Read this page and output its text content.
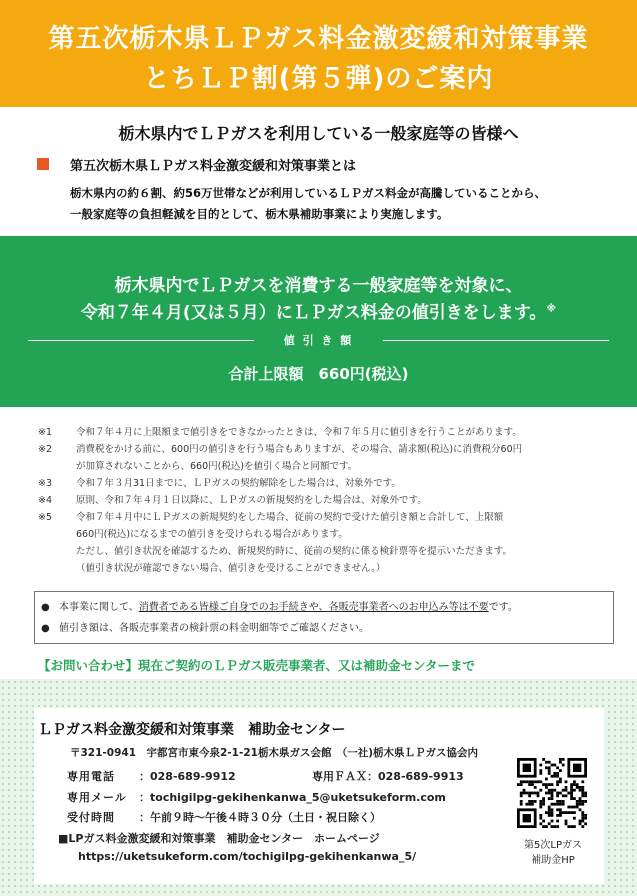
第五次栃木県ＬＰガス料金激変緩和対策事業
とちＬＰ割(第５弾)のご案内
栃木県内でＬＰガスを利用している一般家庭等の皆様へ
第五次栃木県ＬＰガス料金激変緩和対策事業とは
栃木県内の約６割、約56万世帯などが利用しているＬＰガス料金が高騰していることから、
一般家庭等の負担軽減を目的として、栃木県補助事業により実施します。
栃木県内でＬＰガスを消費する一般家庭等を対象に、
令和７年４月(又は５月）にＬＰガス料金の値引きをします。※
値 引 き 額
合計上限額　660円(税込)
※1	令和７年４月に上限額まで値引きをできなかったときは、令和７年５月に値引きを行うことがあります。
※2	消費税をかける前に、600円の値引きを行う場合もありますが、その場合、請求額(税込)に消費税分60円
が加算されないことから、660円(税込)を値引く場合と同額です。
※3	令和７年３月31日までに、ＬＰガスの契約解除をした場合は、対象外です。
※4	原則、令和７年４月１日以降に、ＬＰガスの新規契約をした場合は、対象外です。
※5	令和７年４月中にＬＰガスの新規契約をした場合、従前の契約で受けた値引き額と合計して、上限額
660円(税込)になるまでの値引きを受けられる場合があります。
ただし、値引き状況を確認するため、新規契約時に、従前の契約に係る検針票等を提示いただきます。
（値引き状況が確認できない場合、値引きを受けることができません。）
● 本事業に関して、消費者である皆様ご自身でのお手続きや、各販売事業者へのお申込み等は不要です。
● 値引き額は、各販売事業者の検針票の料金明細等でご確認ください。
【お問い合わせ】現在ご契約のＬＰガス販売事業者、又は補助金センターまで
ＬＰガス料金激変緩和対策事業　補助金センター
〒321-0941　宇都宮市東今泉2-1-21栃木県ガス会館　（一社)栃木県ＬＰガス協会内
専用電話 ：028-689-9912	専用ＦＡＸ：028-689-9913
専用メール ：tochigilpg-gekihenkanwa_5@uketsukeform.com
受付時間 ：午前９時～午後４時３０分（土日・祝日除く）
■LPガス料金激変緩和対策事業　補助金センター　ホームページ
https://uketsukeform.com/tochigilpg-gekihenkanwa_5/
第5次LPガス
補助金HP
